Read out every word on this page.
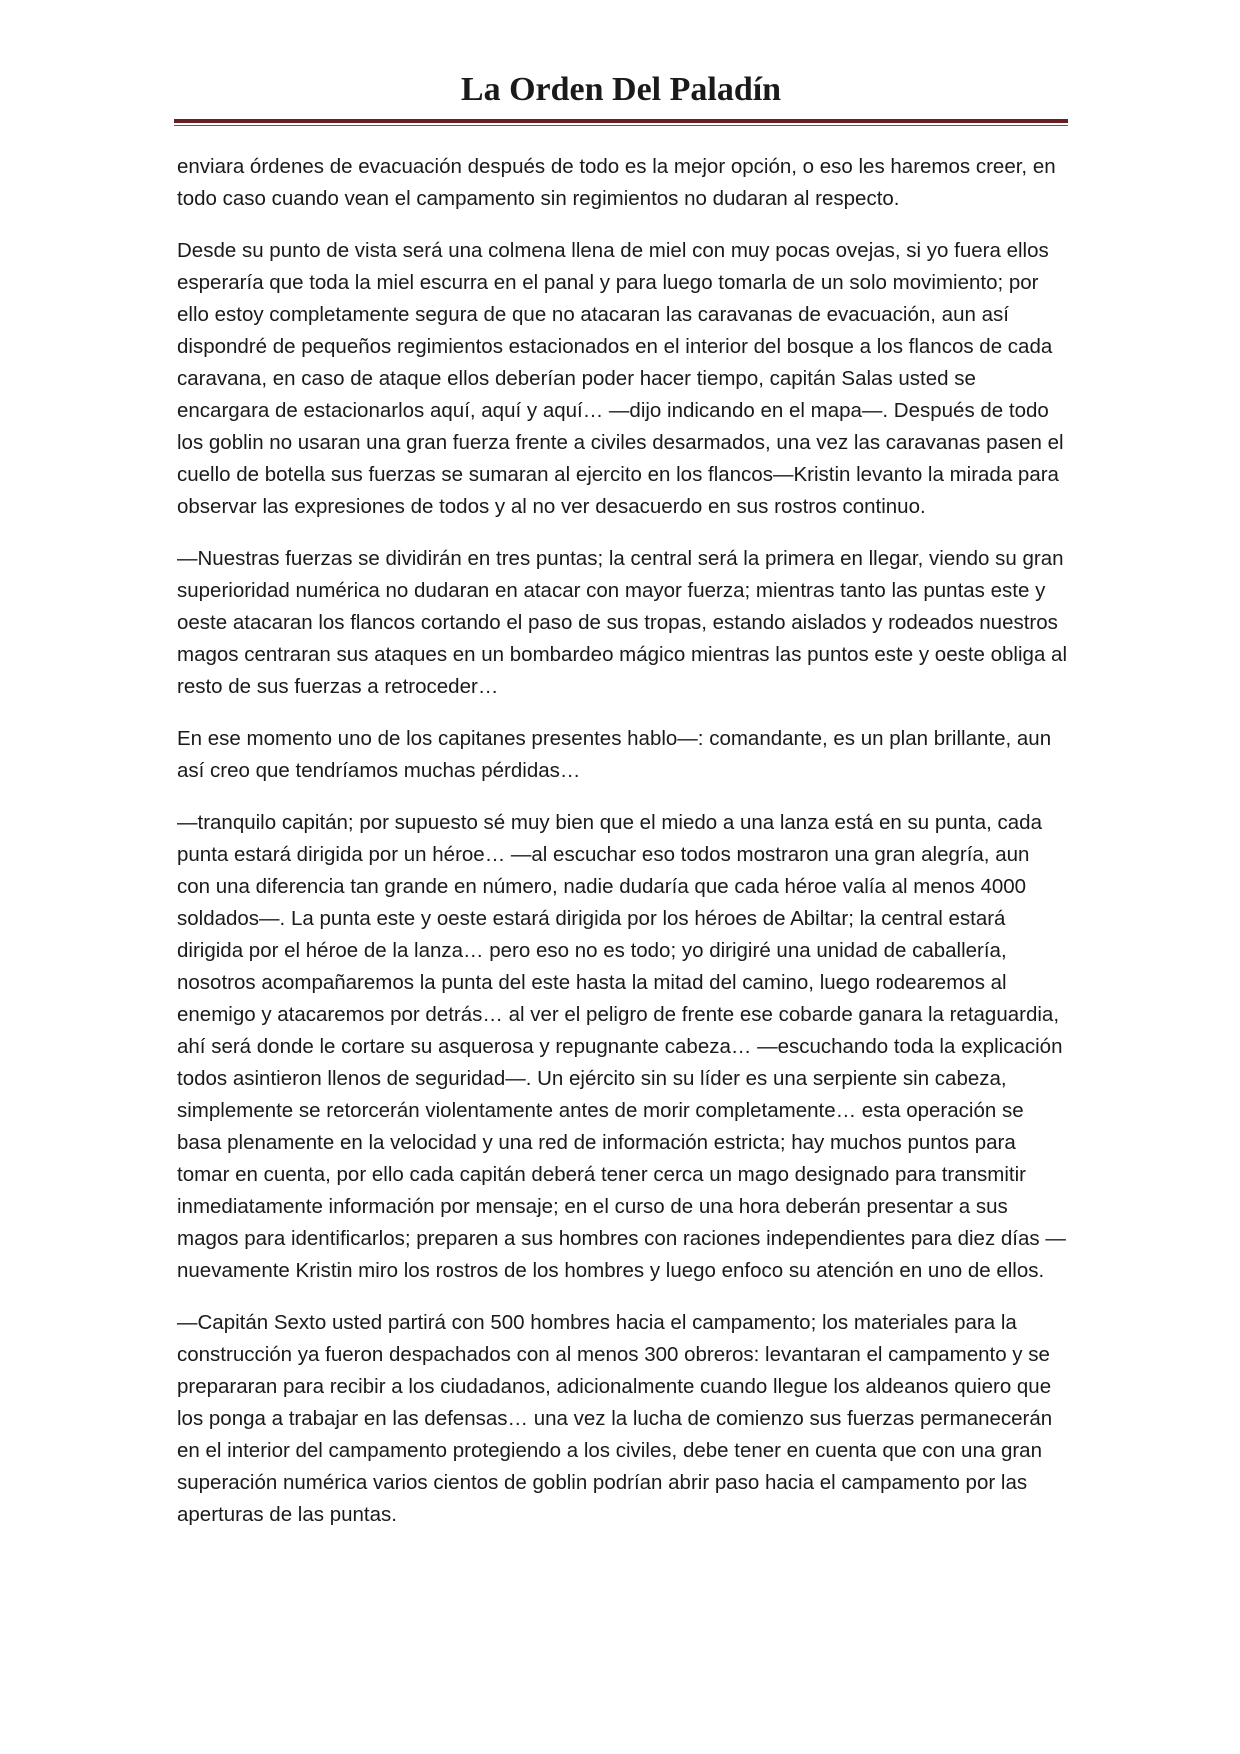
La Orden Del Paladín

enviara órdenes de evacuación después de todo es la mejor opción, o eso les haremos creer, en todo caso cuando vean el campamento sin regimientos no dudaran al respecto.

Desde su punto de vista será una colmena llena de miel con muy pocas ovejas, si yo fuera ellos esperaría que toda la miel escurra en el panal y para luego tomarla de un solo movimiento; por ello estoy completamente segura de que no atacaran las caravanas de evacuación, aun así dispondré de pequeños regimientos estacionados en el interior del bosque a los flancos de cada caravana, en caso de ataque ellos deberían poder hacer tiempo, capitán Salas usted se encargara de estacionarlos aquí, aquí y aquí… —dijo indicando en el mapa—. Después de todo los goblin no usaran una gran fuerza frente a civiles desarmados, una vez las caravanas pasen el cuello de botella sus fuerzas se sumaran al ejercito en los flancos—Kristin levanto la mirada para observar las expresiones de todos y al no ver desacuerdo en sus rostros continuo.

—Nuestras fuerzas se dividirán en tres puntas; la central será la primera en llegar, viendo su gran superioridad numérica no dudaran en atacar con mayor fuerza; mientras tanto las puntas este y oeste atacaran los flancos cortando el paso de sus tropas, estando aislados y rodeados nuestros magos centraran sus ataques en un bombardeo mágico mientras las puntos este y oeste obliga al resto de sus fuerzas a retroceder…

En ese momento uno de los capitanes presentes hablo—: comandante, es un plan brillante, aun así creo que tendríamos muchas pérdidas…

—tranquilo capitán; por supuesto sé muy bien que el miedo a una lanza está en su punta, cada punta estará dirigida por un héroe… —al escuchar eso todos mostraron una gran alegría, aun con una diferencia tan grande en número, nadie dudaría que cada héroe valía al menos 4000 soldados—. La punta este y oeste estará dirigida por los héroes de Abiltar; la central estará dirigida por el héroe de la lanza… pero eso no es todo; yo dirigiré una unidad de caballería, nosotros acompañaremos la punta del este hasta la mitad del camino, luego rodearemos al enemigo y atacaremos por detrás… al ver el peligro de frente ese cobarde ganara la retaguardia, ahí será donde le cortare su asquerosa y repugnante cabeza… —escuchando toda la explicación todos asintieron llenos de seguridad—. Un ejército sin su líder es una serpiente sin cabeza, simplemente se retorcerán violentamente antes de morir completamente… esta operación se basa plenamente en la velocidad y una red de información estricta; hay muchos puntos para tomar en cuenta, por ello cada capitán deberá tener cerca un mago designado para transmitir inmediatamente información por mensaje; en el curso de una hora deberán presentar a sus magos para identificarlos; preparen a sus hombres con raciones independientes para diez días —nuevamente Kristin miro los rostros de los hombres y luego enfoco su atención en uno de ellos.

—Capitán Sexto usted partirá con 500 hombres hacia el campamento; los materiales para la construcción ya fueron despachados con al menos 300 obreros: levantaran el campamento y se prepararan para recibir a los ciudadanos, adicionalmente cuando llegue los aldeanos quiero que los ponga a trabajar en las defensas… una vez la lucha de comienzo sus fuerzas permanecerán en el interior del campamento protegiendo a los civiles, debe tener en cuenta que con una gran superación numérica varios cientos de goblin podrían abrir paso hacia el campamento por las aperturas de las puntas.
